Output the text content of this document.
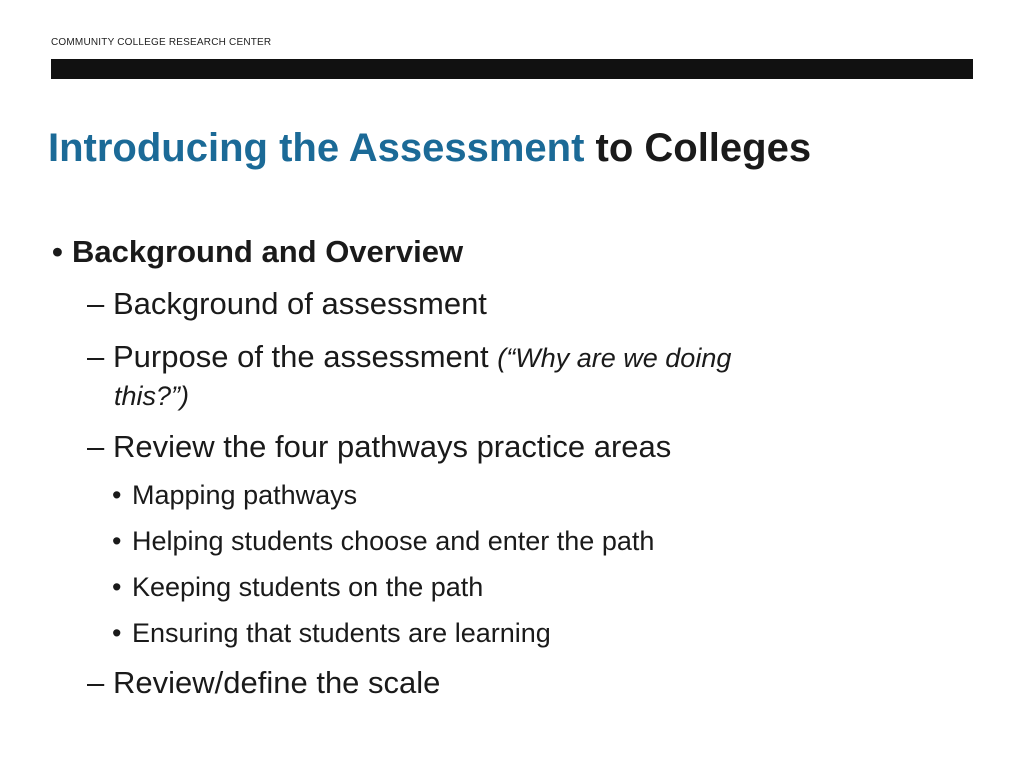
COMMUNITY COLLEGE RESEARCH CENTER
Introducing the Assessment to Colleges
• Background and Overview
– Background of assessment
– Purpose of the assessment (“Why are we doing
this?”)
– Review the four pathways practice areas
• Mapping pathways
• Helping students choose and enter the path
• Keeping students on the path
• Ensuring that students are learning
– Review/define the scale
